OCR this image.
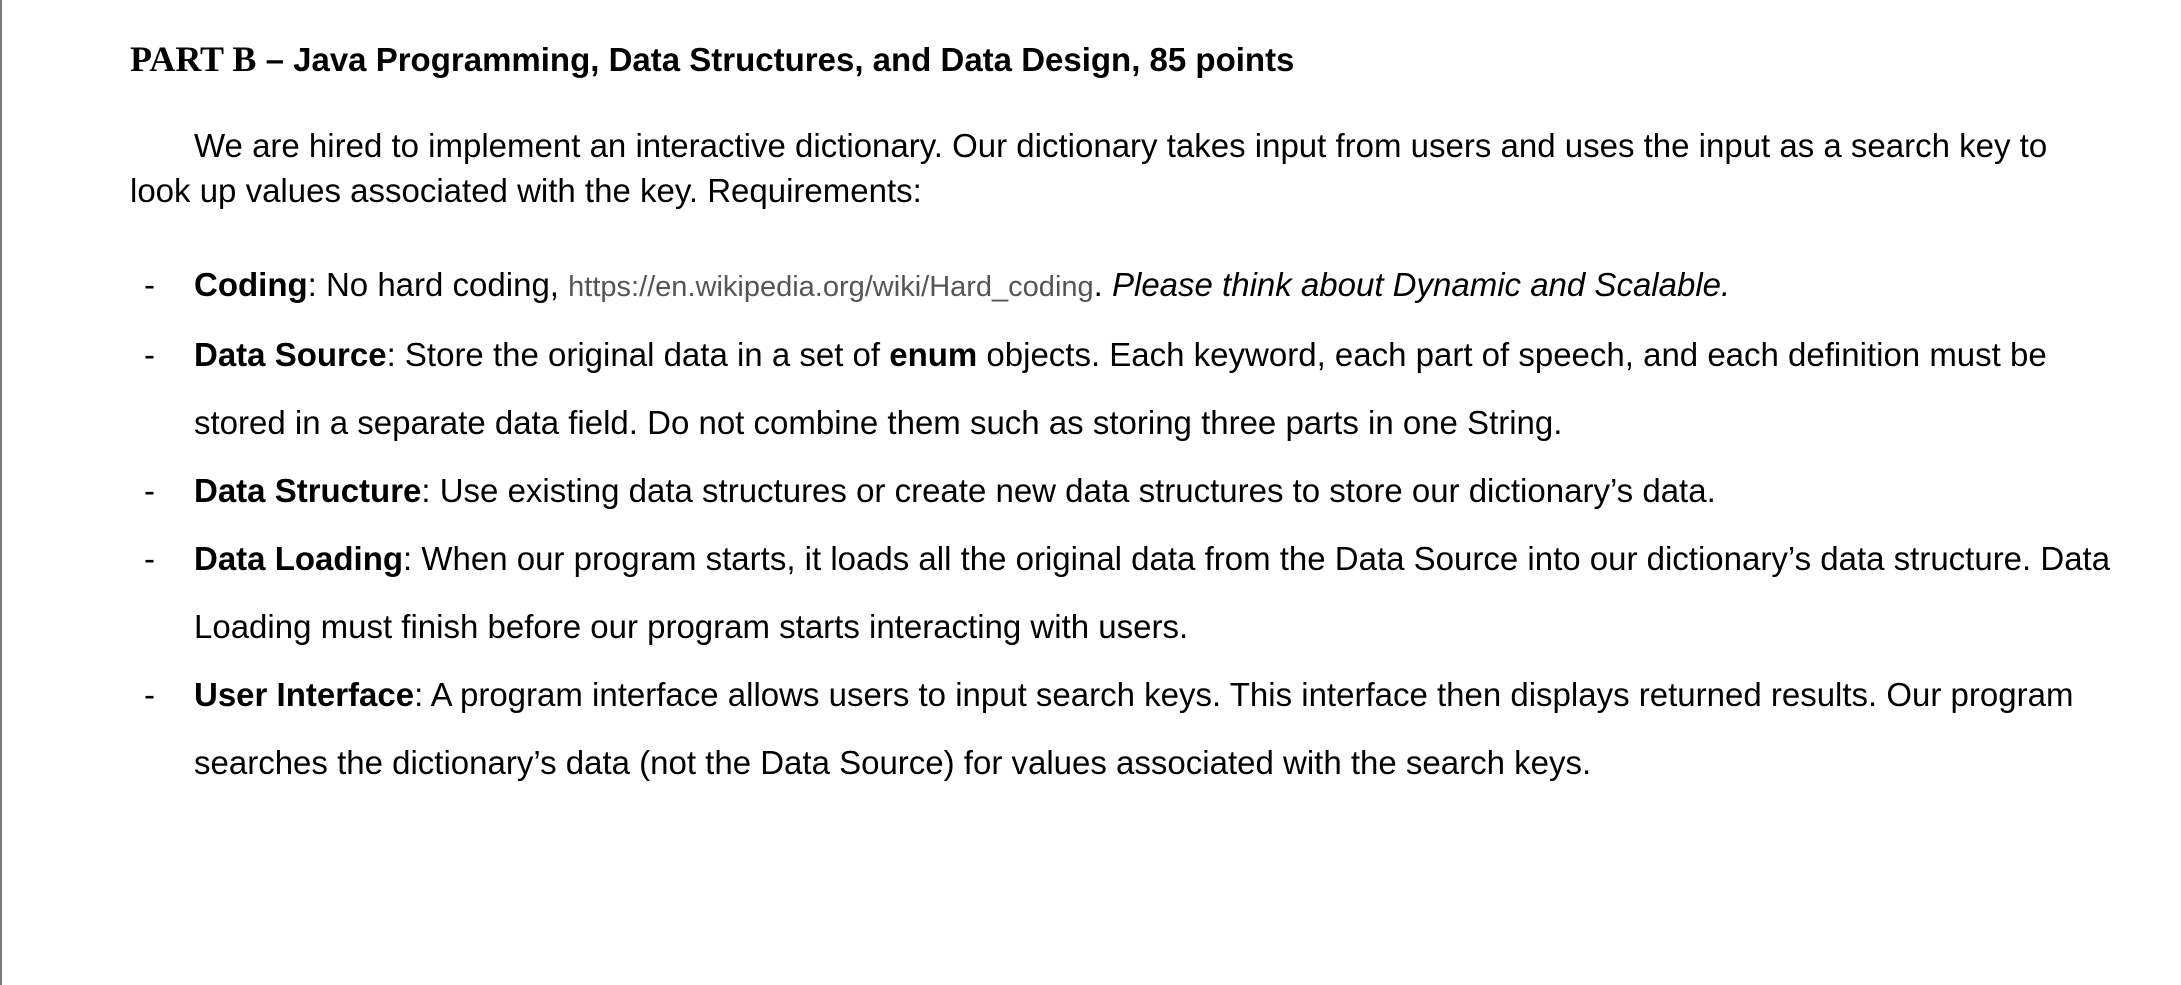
PART B – Java Programming, Data Structures, and Data Design, 85 points

We are hired to implement an interactive dictionary. Our dictionary takes input from users and uses the input as a search key to look up values associated with the key. Requirements:

- Coding: No hard coding, https://en.wikipedia.org/wiki/Hard_coding. Please think about Dynamic and Scalable.
- Data Source: Store the original data in a set of enum objects. Each keyword, each part of speech, and each definition must be stored in a separate data field. Do not combine them such as storing three parts in one String.
- Data Structure: Use existing data structures or create new data structures to store our dictionary’s data.
- Data Loading: When our program starts, it loads all the original data from the Data Source into our dictionary’s data structure. Data Loading must finish before our program starts interacting with users.
- User Interface: A program interface allows users to input search keys. This interface then displays returned results. Our program searches the dictionary’s data (not the Data Source) for values associated with the search keys.
